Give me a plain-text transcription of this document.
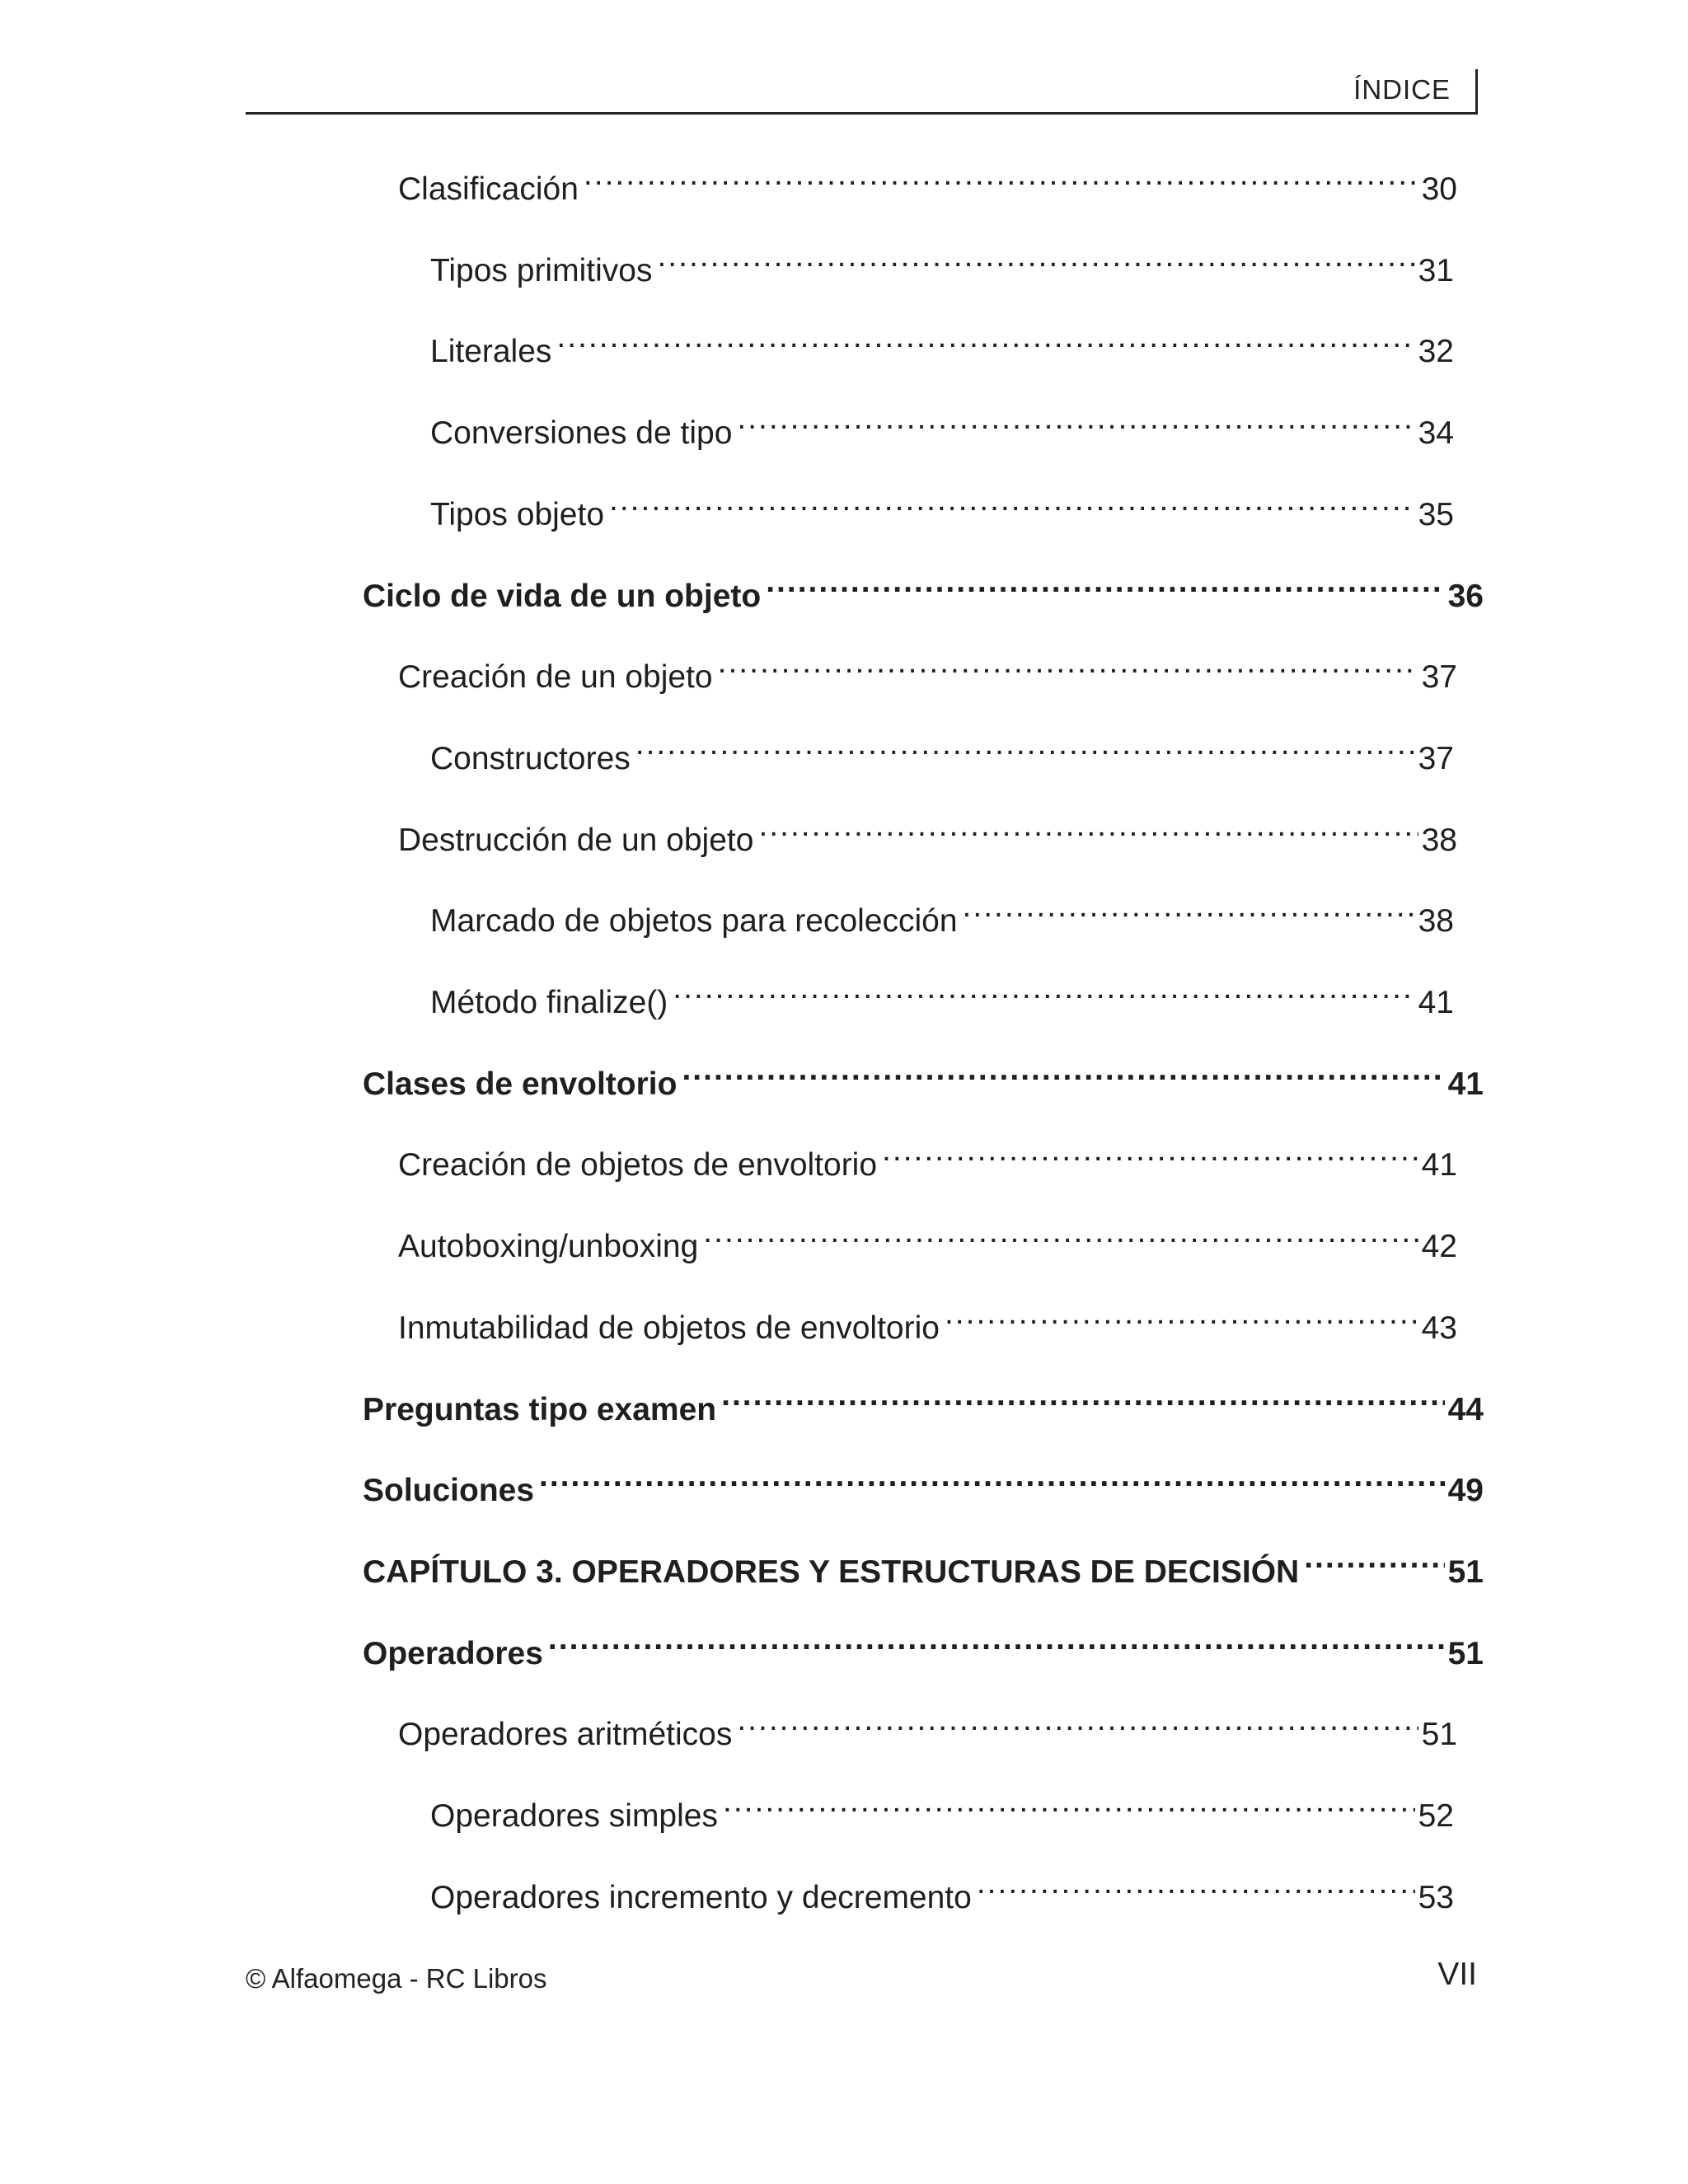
ÍNDICE
Clasificación .....	30
Tipos primitivos .....	31
Literales .....	32
Conversiones de tipo .....	34
Tipos objeto .....	35
Ciclo de vida de un objeto .....	36
Creación de un objeto .....	37
Constructores .....	37
Destrucción de un objeto .....	38
Marcado de objetos para recolección .....	38
Método finalize() .....	41
Clases de envoltorio .....	41
Creación de objetos de envoltorio .....	41
Autoboxing/unboxing .....	42
Inmutabilidad de objetos de envoltorio .....	43
Preguntas tipo examen .....	44
Soluciones .....	49
CAPÍTULO 3. OPERADORES Y ESTRUCTURAS DE DECISIÓN .....	51
Operadores .....	51
Operadores aritméticos .....	51
Operadores simples .....	52
Operadores incremento y decremento .....	53
© Alfaomega - RC Libros	VII
